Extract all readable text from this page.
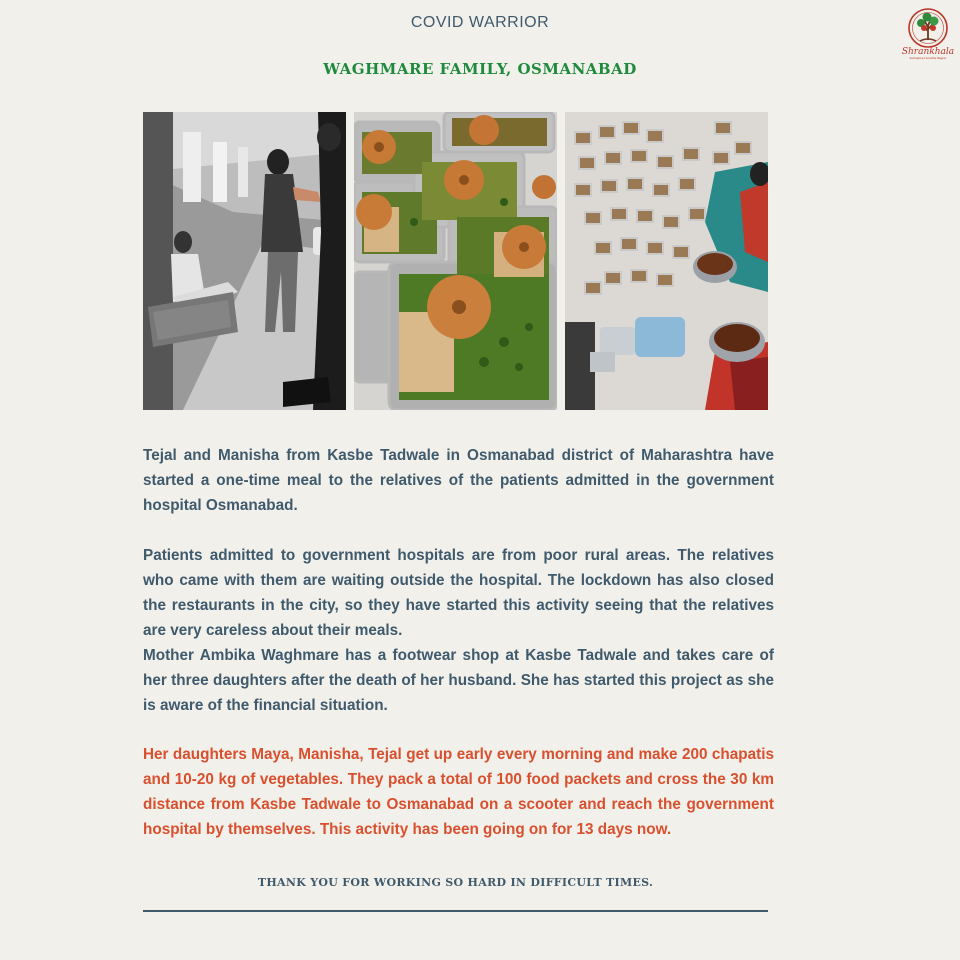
COVID WARRIOR
WAGHMARE FAMILY, OSMANABAD
Shrankhala
Samajkarya Sanstha Nagpur

Tejal and Manisha from Kasbe Tadwale in Osmanabad district of Maharashtra have started a one-time meal to the relatives of the patients admitted in the government hospital Osmanabad.

Patients admitted to government hospitals are from poor rural areas. The relatives who came with them are waiting outside the hospital. The lockdown has also closed the restaurants in the city, so they have started this activity seeing that the relatives are very careless about their meals.

Mother Ambika Waghmare has a footwear shop at Kasbe Tadwale and takes care of her three daughters after the death of her husband. She has started this project as she is aware of the financial situation.

Her daughters Maya, Manisha, Tejal get up early every morning and make 200 chapatis and 10-20 kg of vegetables. They pack a total of 100 food packets and cross the 30 km distance from Kasbe Tadwale to Osmanabad on a scooter and reach the government hospital by themselves. This activity has been going on for 13 days now.

THANK YOU FOR WORKING SO HARD IN DIFFICULT TIMES.
